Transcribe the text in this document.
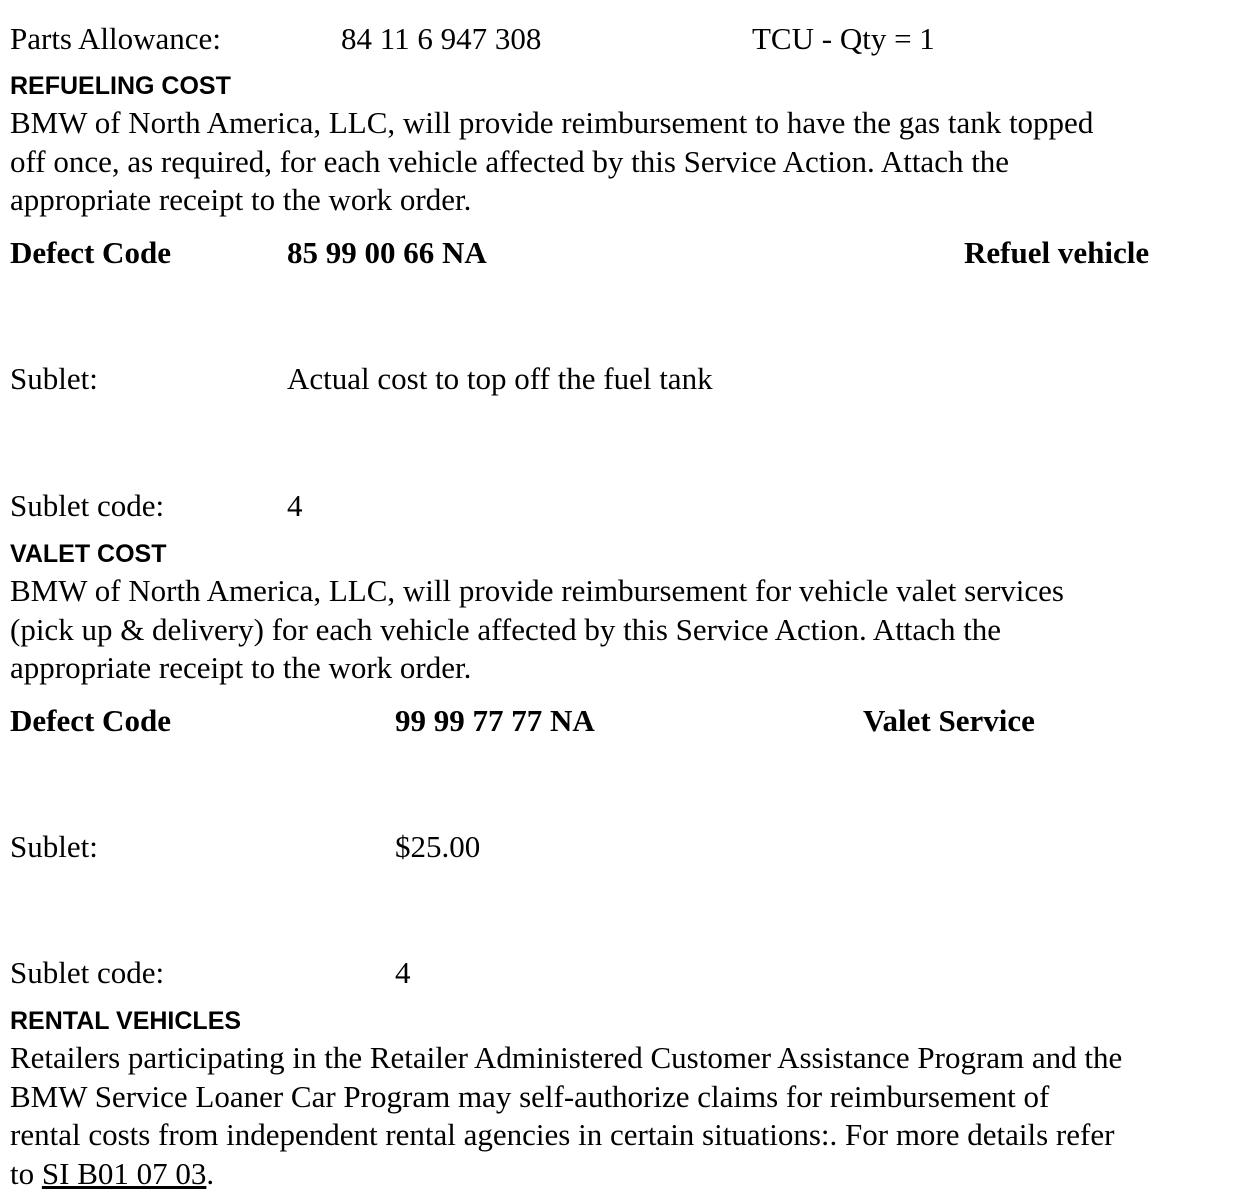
Parts Allowance:	84 11 6 947 308	TCU - Qty = 1
REFUELING COST
BMW of North America, LLC, will provide reimbursement to have the gas tank topped
off once, as required, for each vehicle affected by this Service Action. Attach the
appropriate receipt to the work order.
Defect Code	85 99 00 66 NA	Refuel vehicle
Sublet:	Actual cost to top off the fuel tank
Sublet code:	4
VALET COST
BMW of North America, LLC, will provide reimbursement for vehicle valet services
(pick up & delivery) for each vehicle affected by this Service Action. Attach the
appropriate receipt to the work order.
Defect Code	99 99 77 77 NA	Valet Service
Sublet:	$25.00
Sublet code:	4
RENTAL VEHICLES
Retailers participating in the Retailer Administered Customer Assistance Program and the
BMW Service Loaner Car Program may self-authorize claims for reimbursement of
rental costs from independent rental agencies in certain situations:. For more details refer
to SI B01 07 03.
